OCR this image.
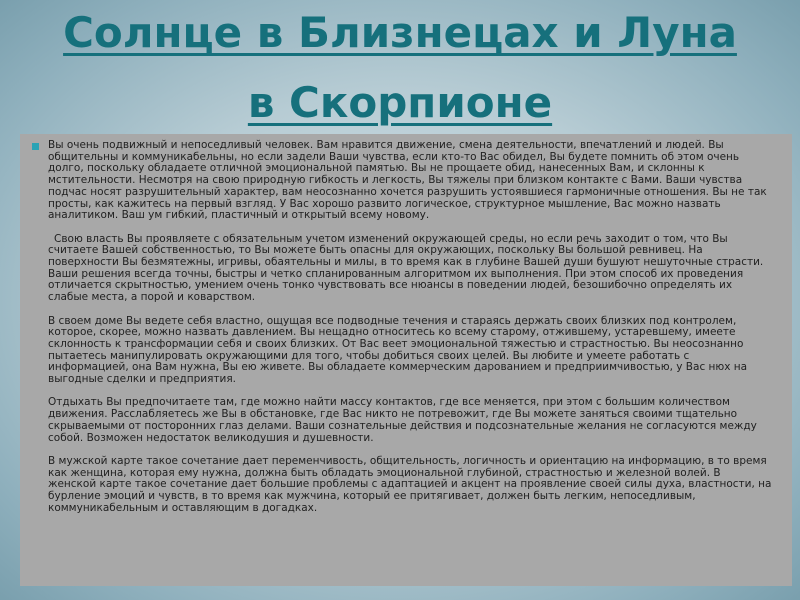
Солнце в Близнецах и Луна
в Скорпионе

Вы очень подвижный и непоседливый человек. Вам нравится движение, смена деятельности, впечатлений и людей. Вы общительны и коммуникабельны, но если задели Ваши чувства, если кто-то Вас обидел, Вы будете помнить об этом очень долго, поскольку обладаете отличной эмоциональной памятью. Вы не прощаете обид, нанесенных Вам, и склонны к мстительности. Несмотря на свою природную гибкость и легкость, Вы тяжелы при близком контакте с Вами. Ваши чувства подчас носят разрушительный характер, вам неосознанно хочется разрушить устоявшиеся гармоничные отношения. Вы не так просты, как кажитесь на первый взгляд. У Вас хорошо развито логическое, структурное мышление, Вас можно назвать аналитиком. Ваш ум гибкий, пластичный и открытый всему новому.

Свою власть Вы проявляете с обязательным учетом изменений окружающей среды, но если речь заходит о том, что Вы считаете Вашей собственностью, то Вы можете быть опасны для окружающих, поскольку Вы большой ревнивец. На поверхности Вы безмятежны, игривы, обаятельны и милы, в то время как в глубине Вашей души бушуют нешуточные страсти. Ваши решения всегда точны, быстры и четко спланированным алгоритмом их выполнения. При этом способ их проведения отличается скрытностью, умением очень тонко чувствовать все нюансы в поведении людей, безошибочно определять их слабые места, а порой и коварством.

В своем доме Вы ведете себя властно, ощущая все подводные течения и стараясь держать своих близких под контролем, которое, скорее, можно назвать давлением. Вы нещадно относитесь ко всему старому, отжившему, устаревшему, имеете склонность к трансформации себя и своих близких. От Вас веет эмоциональной тяжестью и страстностью. Вы неосознанно пытаетесь манипулировать окружающими для того, чтобы добиться своих целей. Вы любите и умеете работать с информацией, она Вам нужна, Вы ею живете. Вы обладаете коммерческим дарованием и предприимчивостью, у Вас нюх на выгодные сделки и предприятия.

Отдыхать Вы предпочитаете там, где можно найти массу контактов, где все меняется, при этом с большим количеством движения. Расслабляетесь же Вы в обстановке, где Вас никто не потревожит, где Вы можете заняться своими тщательно скрываемыми от посторонних глаз делами. Ваши сознательные действия и подсознательные желания не согласуются между собой. Возможен недостаток великодушия и душевности.

В мужской карте такое сочетание дает переменчивость, общительность, логичность и ориентацию на информацию, в то время как женщина, которая ему нужна, должна быть обладать эмоциональной глубиной, страстностью и железной волей. В женской карте такое сочетание дает большие проблемы с адаптацией и акцент на проявление своей силы духа, властности, на бурление эмоций и чувств, в то время как мужчина, который ее притягивает, должен быть легким, непоседливым, коммуникабельным и оставляющим в догадках.
